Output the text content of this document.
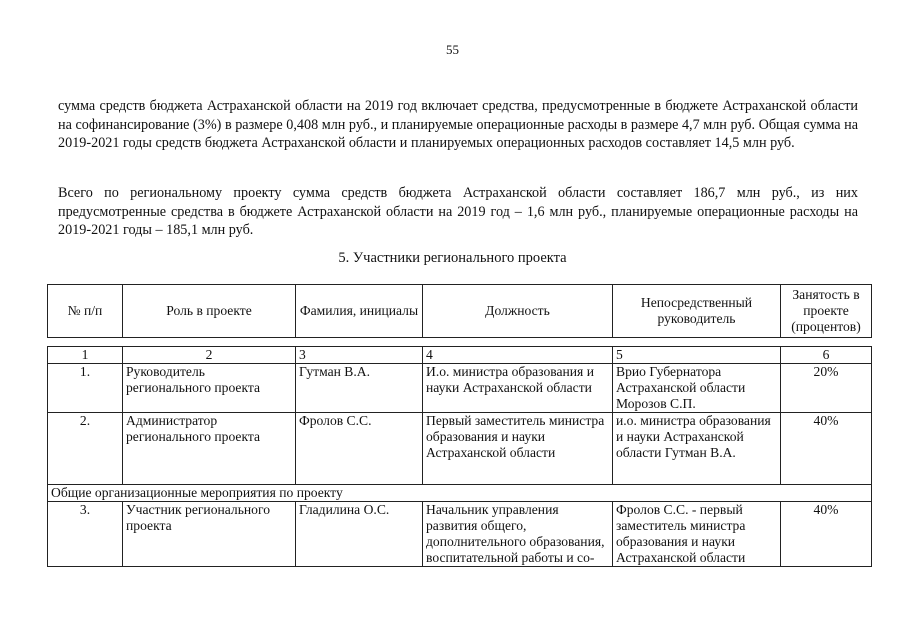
55

сумма средств бюджета Астраханской области на 2019 год включает средства, предусмотренные в бюджете Астраханской области на софинансирование (3%) в размере 0,408 млн руб., и планируемые операционные расходы в размере 4,7 млн руб. Общая сумма на 2019-2021 годы средств бюджета Астраханской области и планируемых операционных расходов составляет 14,5 млн руб.

Всего по региональному проекту сумма средств бюджета Астраханской области составляет 186,7 млн руб., из них предусмотренные средства в бюджете Астраханской области на 2019 год – 1,6 млн руб., планируемые операционные расходы на 2019-2021 годы – 185,1 млн руб.

5. Участники регионального проекта
№ п/п	Роль в проекте	Фамилия, инициалы	Должность	Непосредственный руководитель	Занятость в проекте (процентов)
1	2	3	4	5	6
1.	Руководитель регионального проекта	Гутман В.А.	И.о. министра образования и науки Астраханской области	Врио Губернатора Астраханской области Морозов С.П.	20%
2.	Администратор регионального проекта	Фролов С.С.	Первый заместитель министра образования и науки Астраханской области	и.о. министра образования и науки Астраханской области Гутман В.А.	40%
Общие организационные мероприятия по проекту					
3.	Участник регионального проекта	Гладилина О.С.	Начальник управления развития общего, дополнительного образования, воспитательной работы и со-	Фролов С.С. - первый заместитель министра образования и науки Астраханской области	40%
